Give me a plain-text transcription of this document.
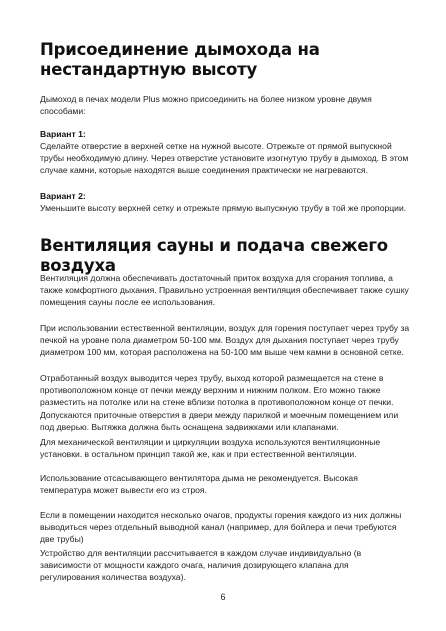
Присоединение дымохода на нестандартную высоту

Дымоход в печах модели Plus можно присоединить на более низком уровне двумя способами:

Вариант 1:

Сделайте отверстие в верхней сетке на нужной высоте. Отрежьте от прямой выпускной трубы необходимую длину. Через отверстие установите изогнутую трубу в дымоход. В этом случае камни, которые находятся выше соединения практически не нагреваются.

Вариант 2:

Уменьшите высоту верхней сетку и отрежьте прямую выпускную трубу в той же пропорции.

Вентиляция сауны и подача свежего воздуха

Вентиляция должна обеспечивать достаточный приток воздуха для сгорания топлива, а также комфортного дыхания. Правильно устроенная вентиляция обеспечивает также сушку помещения сауны после ее использования.

При использовании естественной вентиляции, воздух для горения поступает через трубу за печкой на уровне пола диаметром 50-100 мм. Воздух для дыхания поступает через трубу диаметром 100 мм, которая расположена на 50-100 мм выше чем камни в основной сетке.

Отработанный воздух выводится через трубу, выход которой размещается на стене в противоположном конце от печки между верхним и нижним полком. Его можно также разместить на потолке или на стене вблизи потолка в противоположном конце от печки. Допускаются приточные отверстия в двери между парилкой и моечным помещением или под дверью. Вытяжка должна быть оснащена задвижками или клапанами.

Для механической вентиляции и циркуляции воздуха используются вентиляционные установки. в остальном принцип такой же, как и при естественной вентиляции.

Использование отсасывающего вентилятора дыма не рекомендуется. Высокая температура может вывести его из строя.

Если в помещении находится несколько очагов, продукты горения каждого из них должны выводиться через отдельный выводной канал (например, для бойлера и печи требуются две трубы)

Устройство для вентиляции рассчитывается в каждом случае индивидуально (в зависимости от мощности каждого очага, наличия дозирующего клапана для регулирования количества воздуха).

6
